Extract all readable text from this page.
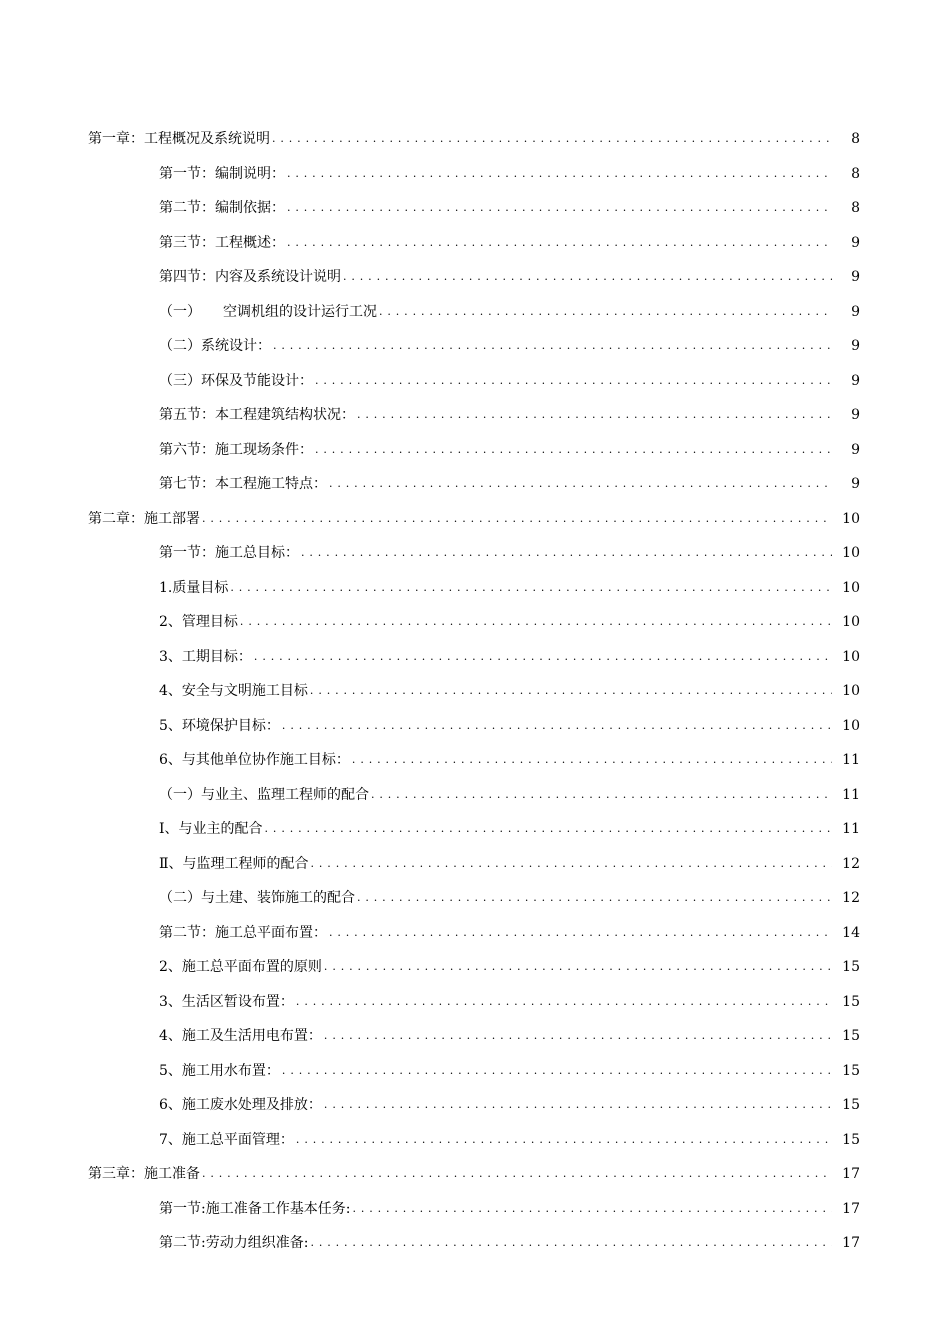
第一章：工程概况及系统说明 . . .	8
第一节：编制说明： . . .	8
第二节：编制依据： . . .	8
第三节：工程概述： . . .	9
第四节：内容及系统设计说明 . . .	9
（一） 空调机组的设计运行工况 . . .	9
（二）系统设计： . . .	9
（三）环保及节能设计： . . .	9
第五节：本工程建筑结构状况： . . .	9
第六节：施工现场条件： . . .	9
第七节：本工程施工特点： . . .	9
第二章：施工部署 . . .	10
第一节：施工总目标： . . .	10
1.质量目标 . . .	10
2、管理目标 . . .	10
3、工期目标： . . .	10
4、安全与文明施工目标 . . .	10
5、环境保护目标： . . .	10
6、与其他单位协作施工目标： . . .	11
（一）与业主、监理工程师的配合 . . .	11
Ⅰ、与业主的配合 . . .	11
Ⅱ、与监理工程师的配合 . . .	12
（二）与土建、装饰施工的配合 . . .	12
第二节：施工总平面布置： . . .	14
2、施工总平面布置的原则 . . .	15
3、生活区暂设布置： . . .	15
4、施工及生活用电布置： . . .	15
5、施工用水布置： . . .	15
6、施工废水处理及排放： . . .	15
7、施工总平面管理： . . .	15
第三章：施工准备 . . .	17
第一节:施工准备工作基本任务: . . .	17
第二节:劳动力组织准备: . . .	17
